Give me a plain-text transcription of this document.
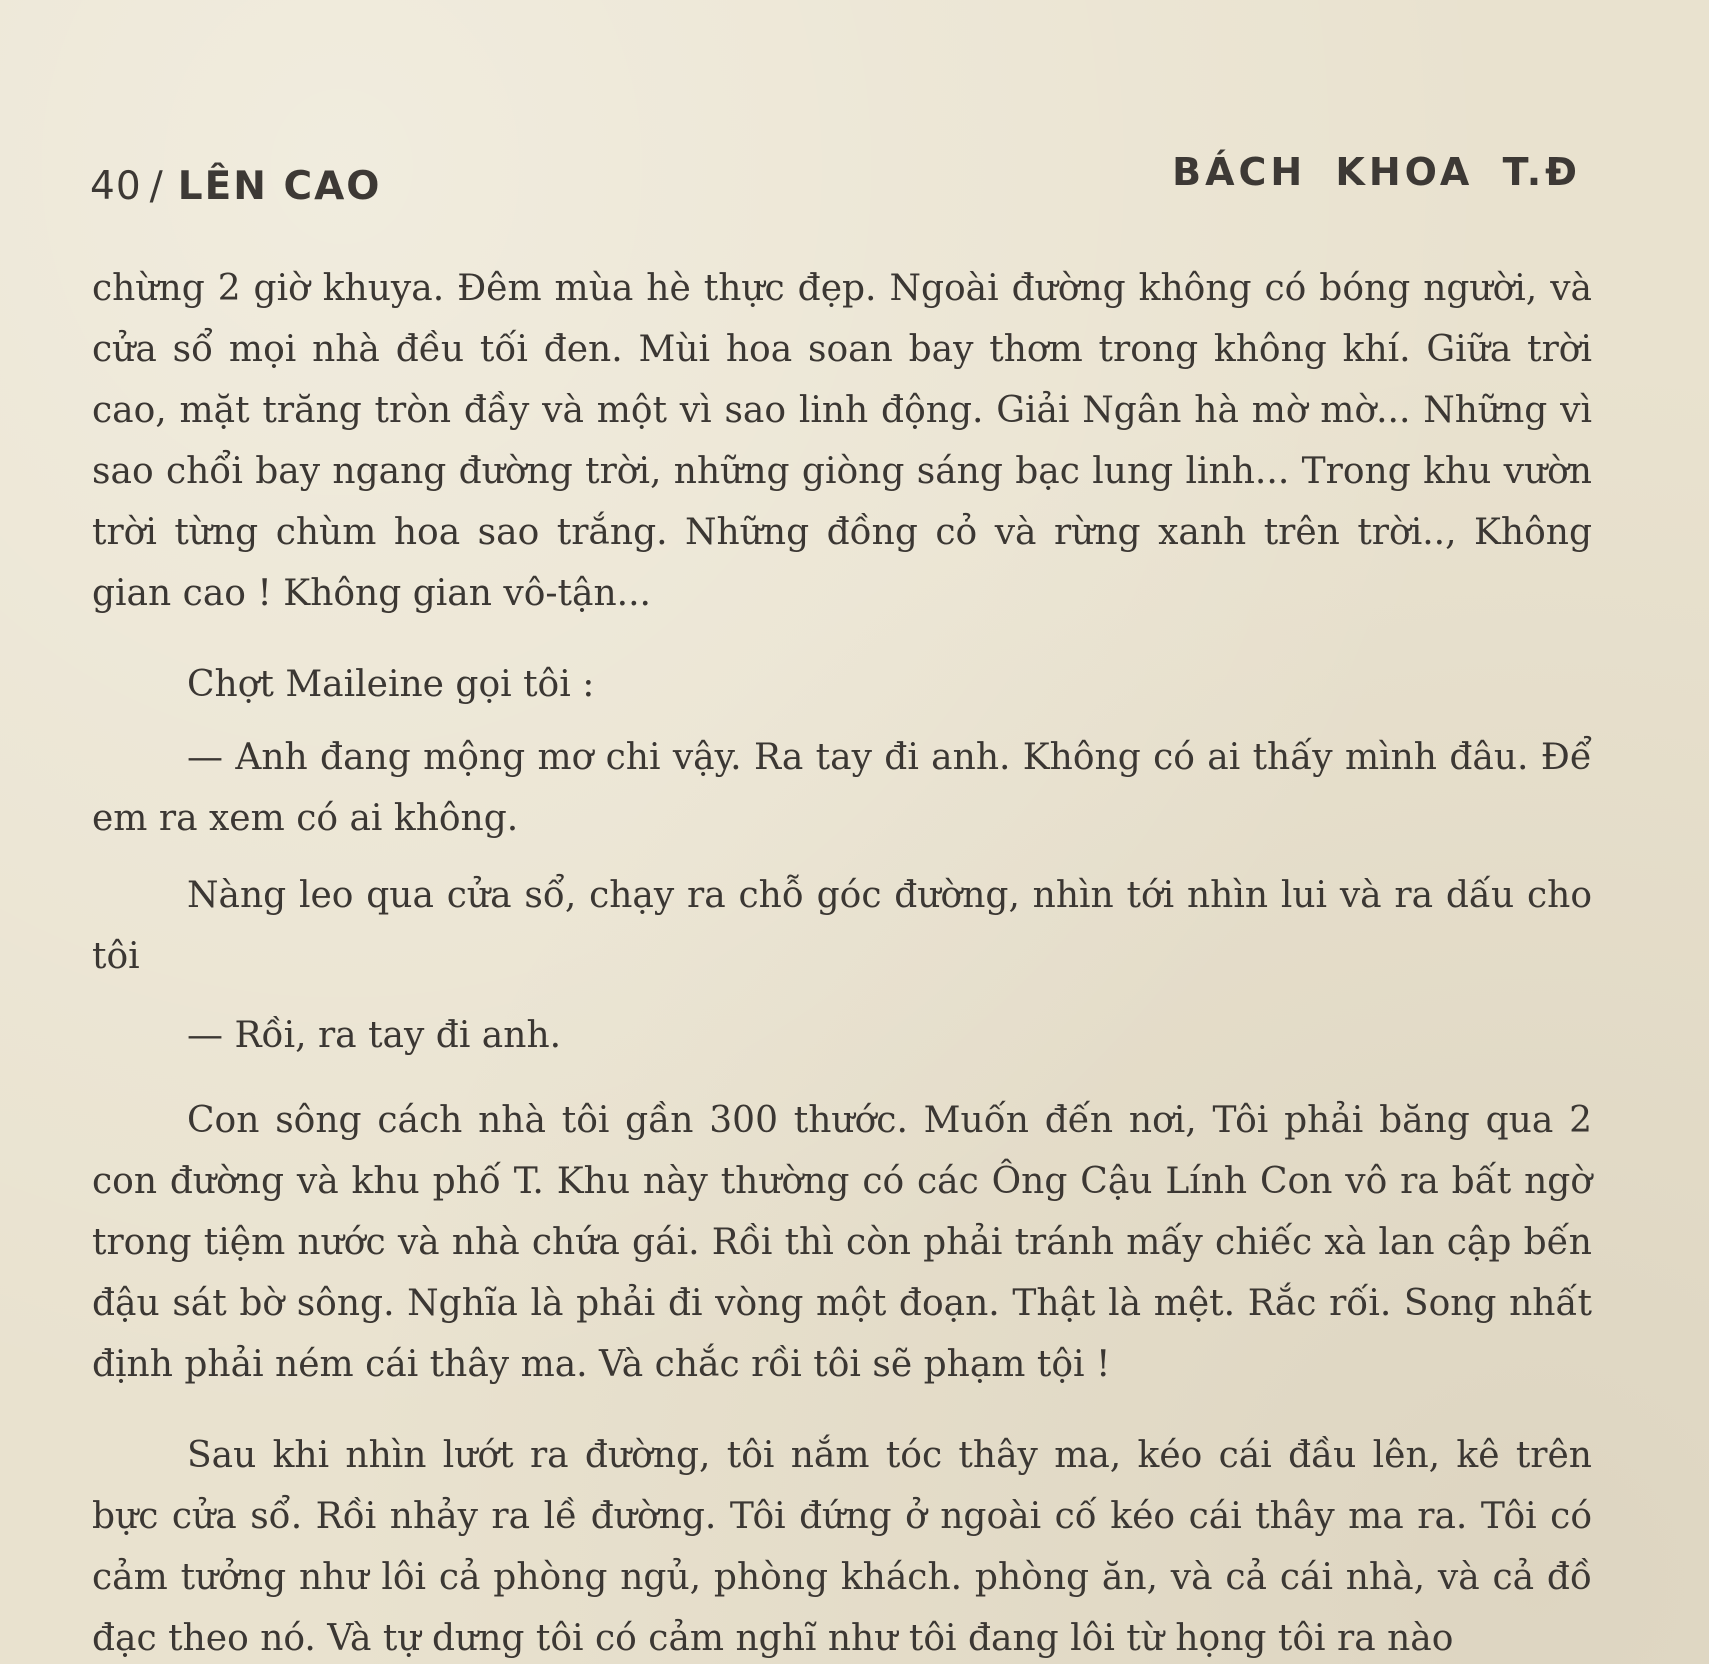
40 / LÊN CAO	BÁCH KHOA T.Đ

chừng 2 giờ khuya. Đêm mùa hè thực đẹp. Ngoài đường không có bóng người, và cửa sổ mọi nhà đều tối đen. Mùi hoa soan bay thơm trong không khí. Giữa trời cao, mặt trăng tròn đầy và một vì sao linh động. Giải Ngân hà mờ mờ... Những vì sao chổi bay ngang đường trời, những giòng sáng bạc lung linh... Trong khu vườn trời từng chùm hoa sao trắng. Những đồng cỏ và rừng xanh trên trời.., Không gian cao ! Không gian vô-tận...

Chợt Maileine gọi tôi :

— Anh đang mộng mơ chi vậy. Ra tay đi anh. Không có ai thấy mình đâu. Để em ra xem có ai không.

Nàng leo qua cửa sổ, chạy ra chỗ góc đường, nhìn tới nhìn lui và ra dấu cho tôi

— Rồi, ra tay đi anh.

Con sông cách nhà tôi gần 300 thước. Muốn đến nơi, Tôi phải băng qua 2 con đường và khu phố T. Khu này thường có các Ông Cậu Lính Con vô ra bất ngờ trong tiệm nước và nhà chứa gái. Rồi thì còn phải tránh mấy chiếc xà lan cập bến đậu sát bờ sông. Nghĩa là phải đi vòng một đoạn. Thật là mệt. Rắc rối. Song nhất định phải ném cái thây ma. Và chắc rồi tôi sẽ phạm tội !

Sau khi nhìn lướt ra đường, tôi nắm tóc thây ma, kéo cái đầu lên, kê trên bực cửa sổ. Rồi nhảy ra lề đường. Tôi đứng ở ngoài cố kéo cái thây ma ra. Tôi có cảm tưởng như lôi cả phòng ngủ, phòng khách. phòng ăn, và cả cái nhà, và cả đồ đạc theo nó. Và tự dưng tôi có cảm nghĩ như tôi đang lôi từ họng tôi ra nào
